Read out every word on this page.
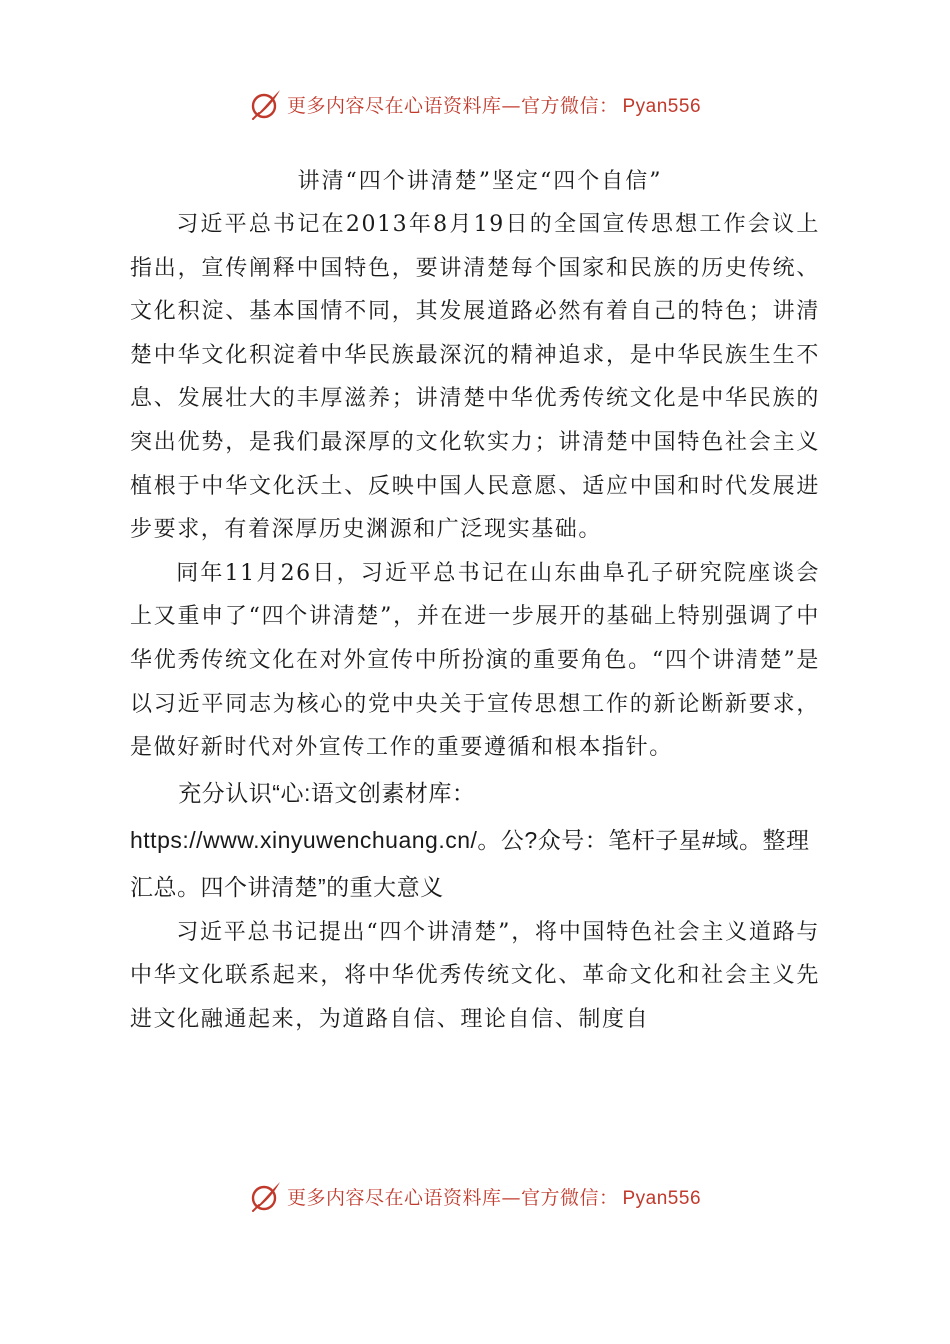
更多内容尽在心语资料库—官方微信： Pyan556

讲清“四个讲清楚”坚定“四个自信”

习近平总书记在2013年8月19日的全国宣传思想工作会议上指出，宣传阐释中国特色，要讲清楚每个国家和民族的历史传统、文化积淀、基本国情不同，其发展道路必然有着自己的特色；讲清楚中华文化积淀着中华民族最深沉的精神追求，是中华民族生生不息、发展壮大的丰厚滋养；讲清楚中华优秀传统文化是中华民族的突出优势，是我们最深厚的文化软实力；讲清楚中国特色社会主义植根于中华文化沃土、反映中国人民意愿、适应中国和时代发展进步要求，有着深厚历史渊源和广泛现实基础。

同年11月26日，习近平总书记在山东曲阜孔子研究院座谈会上又重申了“四个讲清楚”，并在进一步展开的基础上特别强调了中华优秀传统文化在对外宣传中所扮演的重要角色。“四个讲清楚”是以习近平同志为核心的党中央关于宣传思想工作的新论断新要求，是做好新时代对外宣传工作的重要遵循和根本指针。

充分认识“心:语文创素材库：https://www.xinyuwenchuang.cn/。公?众号：笔杆子星#域。整理汇总。四个讲清楚”的重大意义

习近平总书记提出“四个讲清楚”，将中国特色社会主义道路与中华文化联系起来，将中华优秀传统文化、革命文化和社会主义先进文化融通起来，为道路自信、理论自信、制度自

更多内容尽在心语资料库—官方微信： Pyan556
